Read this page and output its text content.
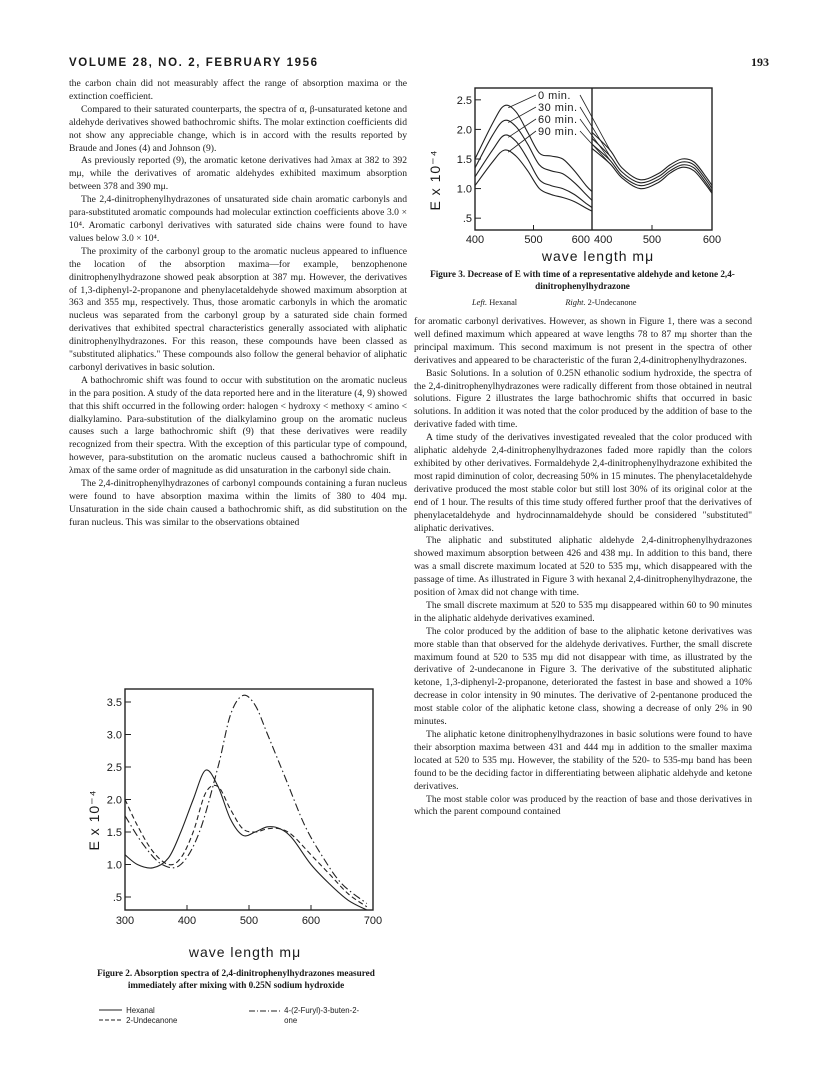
VOLUME 28, NO. 2, FEBRUARY 1956	193

the carbon chain did not measurably affect the range of absorption maxima or the extinction coefficient.

Compared to their saturated counterparts, the spectra of α, β-unsaturated ketone and aldehyde derivatives showed bathochromic shifts. The molar extinction coefficients did not show any appreciable change, which is in accord with the results reported by Braude and Jones (4) and Johnson (9).

As previously reported (9), the aromatic ketone derivatives had λmax at 382 to 392 mμ, while the derivatives of aromatic aldehydes exhibited maximum absorption between 378 and 390 mμ.

The 2,4-dinitrophenylhydrazones of unsaturated side chain aromatic carbonyls and para-substituted aromatic compounds had molecular extinction coefficients above 3.0 × 10⁴. Aromatic carbonyl derivatives with saturated side chains were found to have values below 3.0 × 10⁴.

The proximity of the carbonyl group to the aromatic nucleus appeared to influence the location of the absorption maxima—for example, benzophenone dinitrophenylhydrazone showed peak absorption at 387 mμ. However, the derivatives of 1,3-diphenyl-2-propanone and phenylacetaldehyde showed maximum absorption at 363 and 355 mμ, respectively. Thus, those aromatic carbonyls in which the aromatic nucleus was separated from the carbonyl group by a saturated side chain formed derivatives that exhibited spectral characteristics generally associated with aliphatic dinitrophenylhydrazones. For this reason, these compounds have been classed as "substituted aliphatics." These compounds also follow the general behavior of aliphatic carbonyl derivatives in basic solution.

A bathochromic shift was found to occur with substitution on the aromatic nucleus in the para position. A study of the data reported here and in the literature (4, 9) showed that this shift occurred in the following order: halogen < hydroxy < methoxy < amino < dialkylamino. Para-substitution of the dialkylamino group on the aromatic nucleus causes such a large bathochromic shift (9) that these derivatives were readily recognized from their spectra. With the exception of this particular type of compound, however, para-substitution on the aromatic nucleus caused a bathochromic shift in λmax of the same order of magnitude as did unsaturation in the carbonyl side chain.

The 2,4-dinitrophenylhydrazones of carbonyl compounds containing a furan nucleus were found to have absorption maxima within the limits of 380 to 404 mμ. Unsaturation in the side chain caused a bathochromic shift, as did substitution on the furan nucleus. This was similar to the observations obtained

for aromatic carbonyl derivatives. However, as shown in Figure 1, there was a second well defined maximum which appeared at wave lengths 78 to 87 mμ shorter than the principal maximum. This second maximum is not present in the spectra of other derivatives and appeared to be characteristic of the furan 2,4-dinitrophenylhydrazones.

Basic Solutions. In a solution of 0.25N ethanolic sodium hydroxide, the spectra of the 2,4-dinitrophenylhydrazones were radically different from those obtained in neutral solutions. Figure 2 illustrates the large bathochromic shifts that occurred in basic solutions. In addition it was noted that the color produced by the addition of base to the derivative faded with time.

A time study of the derivatives investigated revealed that the color produced with aliphatic aldehyde 2,4-dinitrophenylhydrazones faded more rapidly than the colors exhibited by other derivatives. Formaldehyde 2,4-dinitrophenylhydrazone exhibited the most rapid diminution of color, decreasing 50% in 15 minutes. The phenylacetaldehyde derivative produced the most stable color but still lost 30% of its original color at the end of 1 hour. The results of this time study offered further proof that the derivatives of phenylacetaldehyde and hydrocinnamaldehyde should be considered "substituted" aliphatic derivatives.

The aliphatic and substituted aliphatic aldehyde 2,4-dinitrophenylhydrazones showed maximum absorption between 426 and 438 mμ. In addition to this band, there was a small discrete maximum located at 520 to 535 mμ, which disappeared with the passage of time. As illustrated in Figure 3 with hexanal 2,4-dinitrophenylhydrazone, the position of λmax did not change with time.

The small discrete maximum at 520 to 535 mμ disappeared within 60 to 90 minutes in the aliphatic aldehyde derivatives examined.

The color produced by the addition of base to the aliphatic ketone derivatives was more stable than that observed for the aldehyde derivatives. Further, the small discrete maximum found at 520 to 535 mμ did not disappear with time, as illustrated by the derivative of 2-undecanone in Figure 3. The derivative of the substituted aliphatic ketone, 1,3-diphenyl-2-propanone, deteriorated the fastest in base and showed a 10% decrease in color intensity in 90 minutes. The derivative of 2-pentanone produced the most stable color of the aliphatic ketone class, showing a decrease of only 2% in 90 minutes.

The aliphatic ketone dinitrophenylhydrazones in basic solutions were found to have their absorption maxima between 431 and 444 mμ in addition to the smaller maxima located at 520 to 535 mμ. However, the stability of the 520- to 535-mμ band has been found to be the deciding factor in differentiating between aliphatic aldehyde and ketone derivatives.

The most stable color was produced by the reaction of base and those derivatives in which the parent compound contained

.5
1.0
1.5
2.0
2.5
400	500	400	500	600
600
0 min.
30 min.
60 min.
90 min.
E x 10⁻⁴
wave length mμ
Figure 3. Decrease of E with time of a representative aldehyde and ketone 2,4-dinitrophenylhydrazone
Left. Hexanal	Right. 2-Undecanone
.5
1.0
1.5
2.0
2.5
3.0
3.5
300	400	500	600	700
E x 10⁻⁴
wave length mμ
Figure 2. Absorption spectra of 2,4-dinitrophenylhydrazones measured immediately after mixing with 0.25N sodium hydroxide
Hexanal
2-Undecanone
4-(2-Furyl)-3-buten-2-one
